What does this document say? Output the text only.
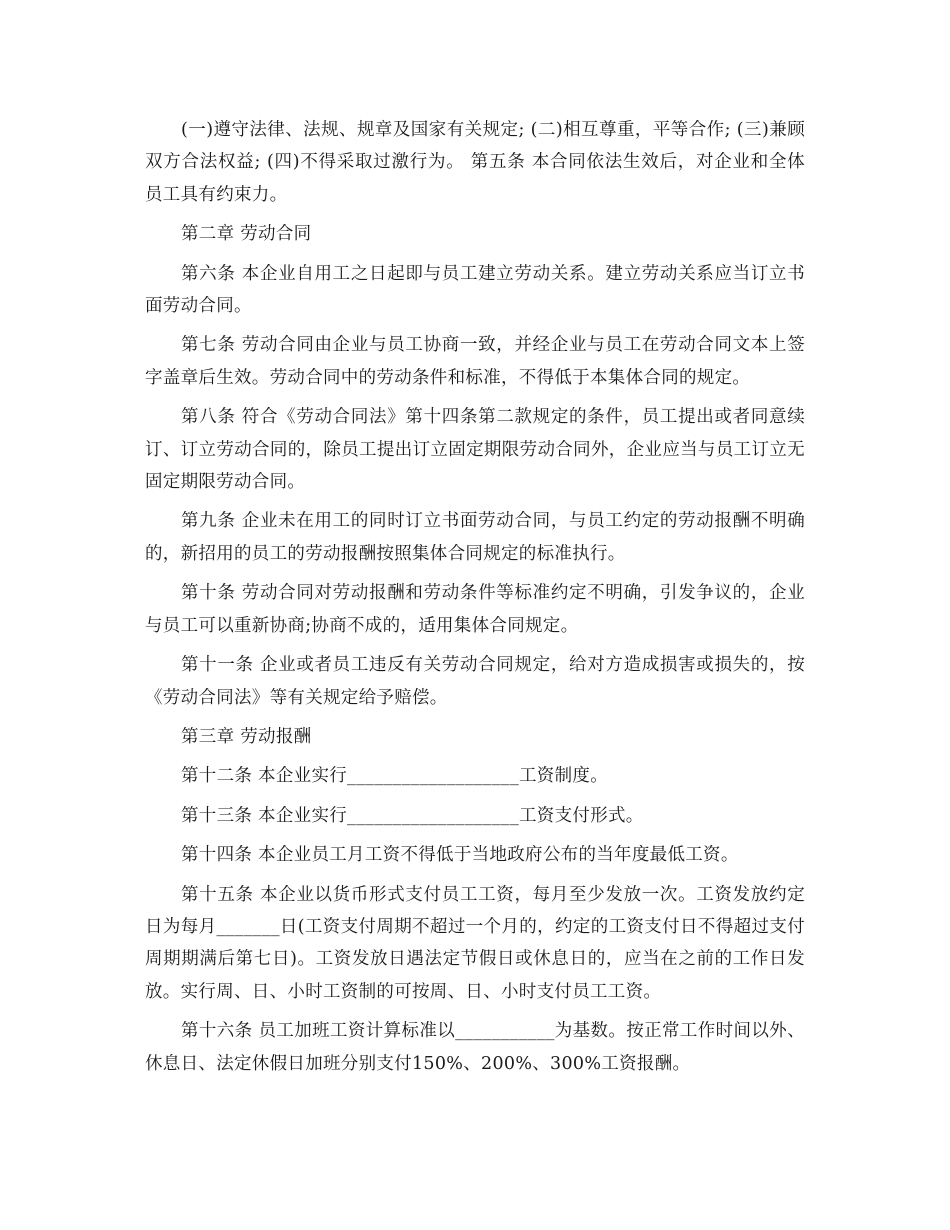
(一)遵守法律、法规、规章及国家有关规定; (二)相互尊重，平等合作; (三)兼顾双方合法权益; (四)不得采取过激行为。 第五条 本合同依法生效后，对企业和全体员工具有约束力。

第二章 劳动合同

第六条 本企业自用工之日起即与员工建立劳动关系。建立劳动关系应当订立书面劳动合同。

第七条 劳动合同由企业与员工协商一致，并经企业与员工在劳动合同文本上签字盖章后生效。劳动合同中的劳动条件和标准，不得低于本集体合同的规定。

第八条 符合《劳动合同法》第十四条第二款规定的条件，员工提出或者同意续订、订立劳动合同的，除员工提出订立固定期限劳动合同外，企业应当与员工订立无固定期限劳动合同。

第九条 企业未在用工的同时订立书面劳动合同，与员工约定的劳动报酬不明确的，新招用的员工的劳动报酬按照集体合同规定的标准执行。

第十条 劳动合同对劳动报酬和劳动条件等标准约定不明确，引发争议的，企业与员工可以重新协商;协商不成的，适用集体合同规定。

第十一条 企业或者员工违反有关劳动合同规定，给对方造成损害或损失的，按《劳动合同法》等有关规定给予赔偿。

第三章 劳动报酬

第十二条 本企业实行___________________工资制度。

第十三条 本企业实行___________________工资支付形式。

第十四条 本企业员工月工资不得低于当地政府公布的当年度最低工资。

第十五条 本企业以货币形式支付员工工资，每月至少发放一次。工资发放约定日为每月_______日(工资支付周期不超过一个月的，约定的工资支付日不得超过支付周期期满后第七日)。工资发放日遇法定节假日或休息日的，应当在之前的工作日发放。实行周、日、小时工资制的可按周、日、小时支付员工工资。

第十六条 员工加班工资计算标准以___________为基数。按正常工作时间以外、休息日、法定休假日加班分别支付150%、200%、300%工资报酬。
